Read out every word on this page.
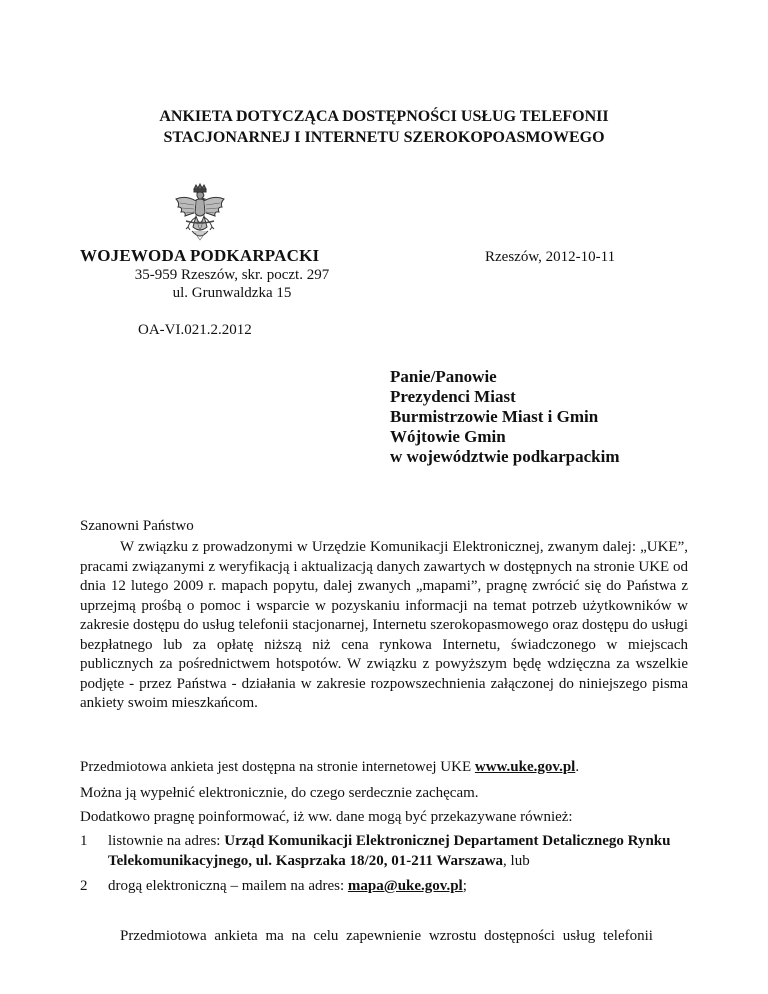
ANKIETA DOTYCZĄCA DOSTĘPNOŚCI USŁUG TELEFONII
STACJONARNEJ I INTERNETU SZEROKOPOASMOWEGO
WOJEWODA PODKARPACKI	Rzeszów, 2012-10-11
35-959 Rzeszów, skr. poczt. 297
ul. Grunwaldzka 15
OA-VI.021.2.2012
Panie/Panowie
Prezydenci Miast
Burmistrzowie Miast i Gmin
Wójtowie Gmin
w województwie podkarpackim
Szanowni Państwo
W związku z prowadzonymi w Urzędzie Komunikacji Elektronicznej, zwanym dalej: „UKE”, pracami związanymi z weryfikacją i aktualizacją danych zawartych w dostępnych na stronie UKE od dnia 12 lutego 2009 r. mapach popytu, dalej zwanych „mapami”, pragnę zwrócić się do Państwa z uprzejmą prośbą o pomoc i wsparcie w pozyskaniu informacji na temat potrzeb użytkowników w zakresie dostępu do usług telefonii stacjonarnej, Internetu szerokopasmowego oraz dostępu do usługi bezpłatnego lub za opłatę niższą niż cena rynkowa Internetu, świadczonego w miejscach publicznych za pośrednictwem hotspotów. W związku z powyższym będę wdzięczna za wszelkie podjęte - przez Państwa - działania w zakresie rozpowszechnienia załączonej do niniejszego pisma ankiety swoim mieszkańcom.
Przedmiotowa ankieta jest dostępna na stronie internetowej UKE www.uke.gov.pl.
Można ją wypełnić elektronicznie, do czego serdecznie zachęcam.
Dodatkowo pragnę poinformować, iż ww. dane mogą być przekazywane również:
1	listownie na adres: Urząd Komunikacji Elektronicznej Departament Detalicznego Rynku Telekomunikacyjnego, ul. Kasprzaka 18/20, 01-211 Warszawa, lub
2	drogą elektroniczną – mailem na adres: mapa@uke.gov.pl;
Przedmiotowa ankieta ma na celu zapewnienie wzrostu dostępności usług telefonii
